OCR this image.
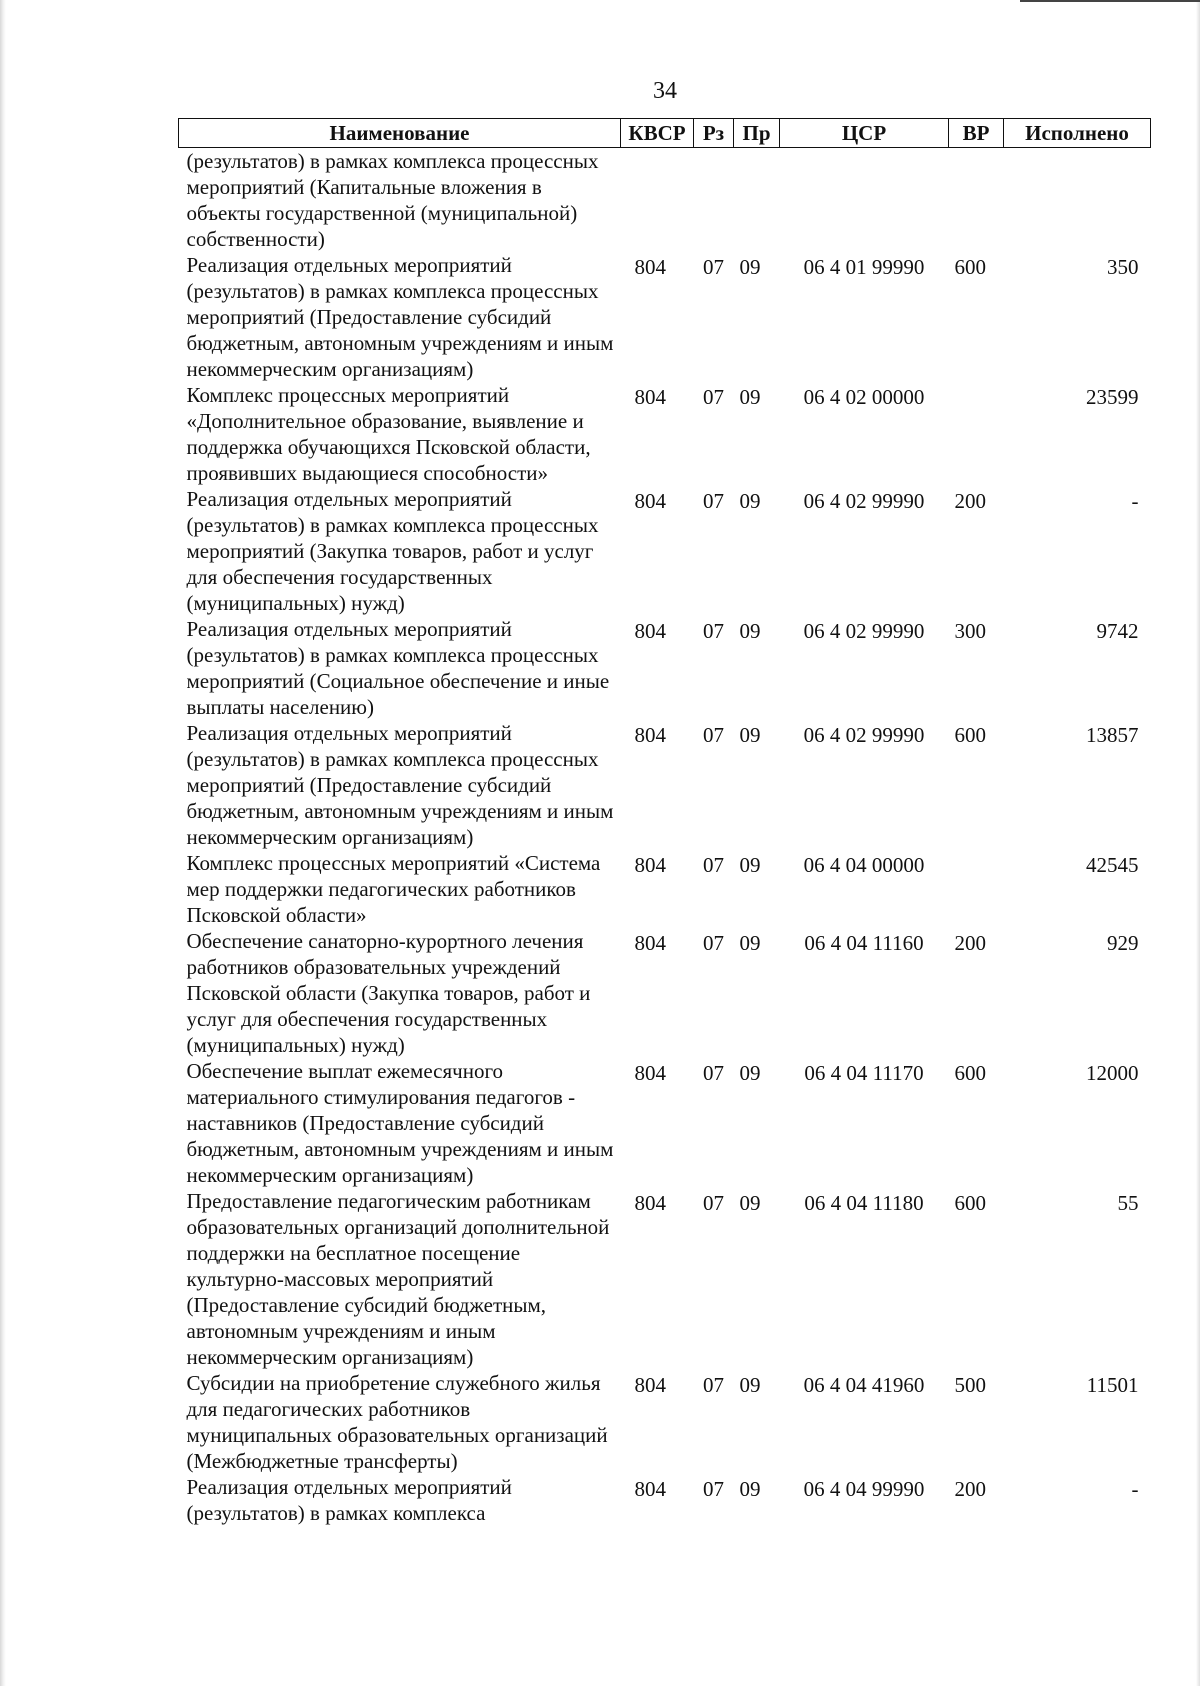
34
Наименование	КВСР	Рз	Пр	ЦСР	ВР	Исполнено
(результатов) в рамках комплекса процессных мероприятий (Капитальные вложения в объекты государственной (муниципальной) собственности)						
Реализация отдельных мероприятий (результатов) в рамках комплекса процессных мероприятий (Предоставление субсидий бюджетным, автономным учреждениям и иным некоммерческим организациям)	804	07	09	06 4 01 99990	600	350
Комплекс процессных мероприятий «Дополнительное образование, выявление и поддержка обучающихся Псковской области, проявивших выдающиеся способности»	804	07	09	06 4 02 00000		23599
Реализация отдельных мероприятий (результатов) в рамках комплекса процессных мероприятий (Закупка товаров, работ и услуг для обеспечения государственных (муниципальных) нужд)	804	07	09	06 4 02 99990	200	-
Реализация отдельных мероприятий (результатов) в рамках комплекса процессных мероприятий (Социальное обеспечение и иные выплаты населению)	804	07	09	06 4 02 99990	300	9742
Реализация отдельных мероприятий (результатов) в рамках комплекса процессных мероприятий (Предоставление субсидий бюджетным, автономным учреждениям и иным некоммерческим организациям)	804	07	09	06 4 02 99990	600	13857
Комплекс процессных мероприятий «Система мер поддержки педагогических работников Псковской области»	804	07	09	06 4 04 00000		42545
Обеспечение санаторно-курортного лечения работников образовательных учреждений Псковской области (Закупка товаров, работ и услуг для обеспечения государственных (муниципальных) нужд)	804	07	09	06 4 04 11160	200	929
Обеспечение выплат ежемесячного материального стимулирования педагогов - наставников (Предоставление субсидий бюджетным, автономным учреждениям и иным некоммерческим организациям)	804	07	09	06 4 04 11170	600	12000
Предоставление педагогическим работникам образовательных организаций дополнительной поддержки на бесплатное посещение культурно-массовых мероприятий (Предоставление субсидий бюджетным, автономным учреждениям и иным некоммерческим организациям)	804	07	09	06 4 04 11180	600	55
Субсидии на приобретение служебного жилья для педагогических работников муниципальных образовательных организаций (Межбюджетные трансферты)	804	07	09	06 4 04 41960	500	11501
Реализация отдельных мероприятий (результатов) в рамках комплекса	804	07	09	06 4 04 99990	200	-
